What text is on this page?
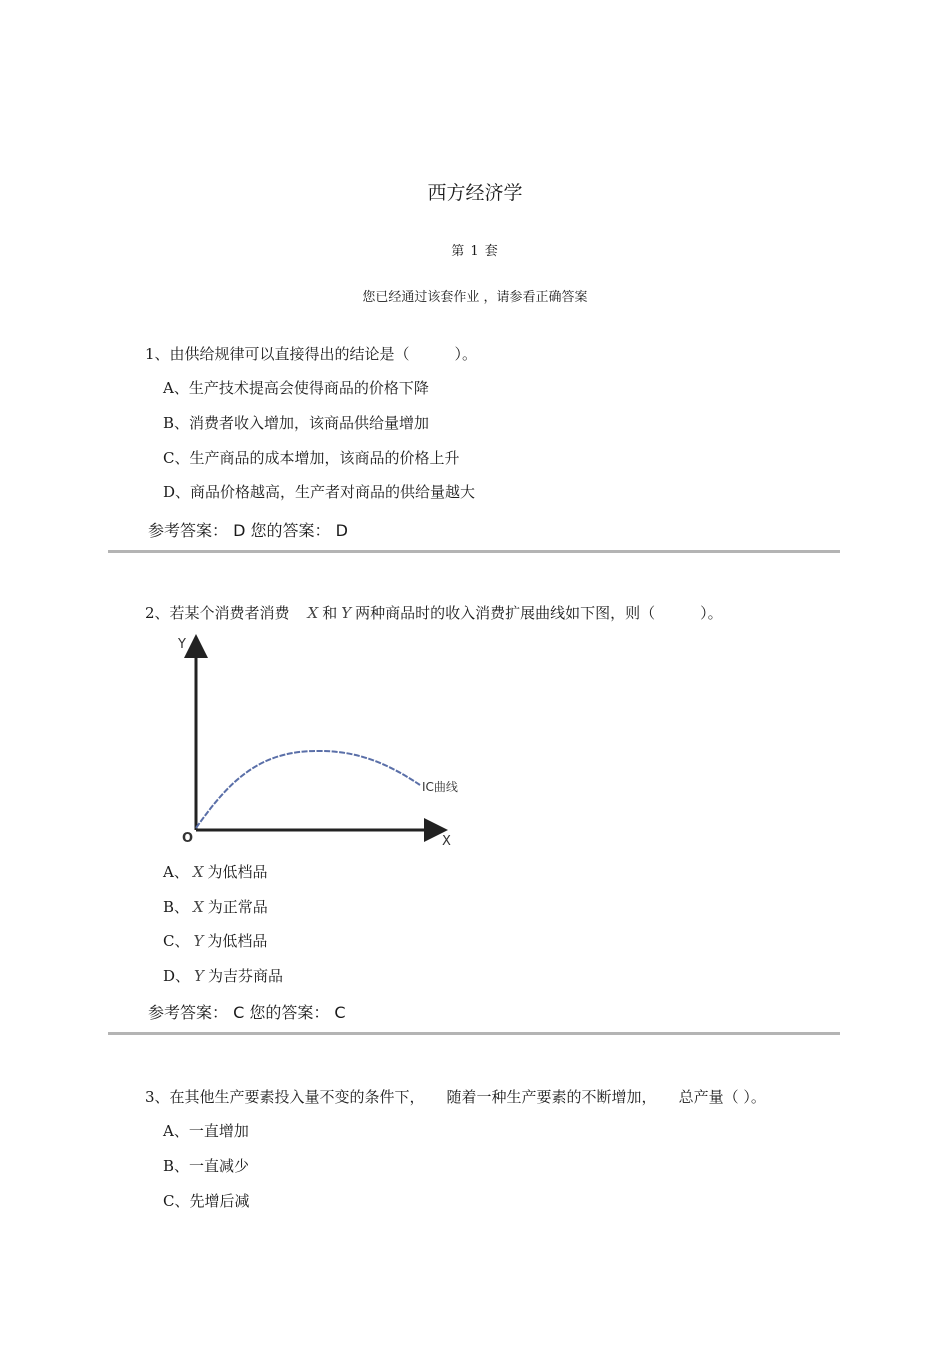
西方经济学
第 1 套
您已经通过该套作业 ，请参看正确答案
1、由供给规律可以直接得出的结论是（　　　）。
A、生产技术提高会使得商品的价格下降
B、消费者收入增加，该商品供给量增加
C、生产商品的成本增加，该商品的价格上升
D、商品价格越高，生产者对商品的供给量越大
参考答案： D 您的答案： D
2、若某个消费者消费 X 和 Y 两种商品时的收入消费扩展曲线如下图，则（　　　）。
Y
X
O
IC曲线
A、 X 为低档品
B、 X 为正常品
C、 Y 为低档品
D、 Y 为吉芬商品
参考答案： C 您的答案： C
3、在其他生产要素投入量不变的条件下， 随着一种生产要素的不断增加， 总产量（ ）。
A、一直增加
B、一直减少
C、先增后减
